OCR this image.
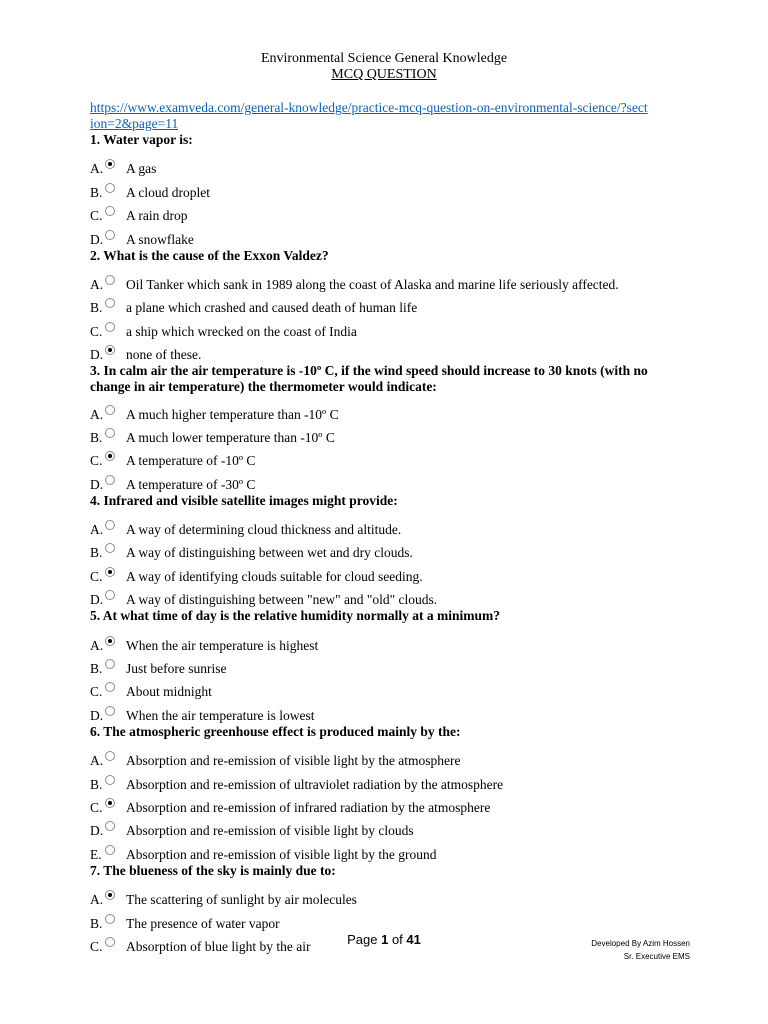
Environmental Science General Knowledge
MCQ QUESTION
https://www.examveda.com/general-knowledge/practice-mcq-question-on-environmental-science/?section=2&page=11
1. Water vapor is:
A. A gas
B. A cloud droplet
C. A rain drop
D. A snowflake
2. What is the cause of the Exxon Valdez?
A. Oil Tanker which sank in 1989 along the coast of Alaska and marine life seriously affected.
B. a plane which crashed and caused death of human life
C. a ship which wrecked on the coast of India
D. none of these.
3. In calm air the air temperature is -10º C, if the wind speed should increase to 30 knots (with no change in air temperature) the thermometer would indicate:
A. A much higher temperature than -10º C
B. A much lower temperature than -10º C
C. A temperature of -10º C
D. A temperature of -30º C
4. Infrared and visible satellite images might provide:
A. A way of determining cloud thickness and altitude.
B. A way of distinguishing between wet and dry clouds.
C. A way of identifying clouds suitable for cloud seeding.
D. A way of distinguishing between "new" and "old" clouds.
5. At what time of day is the relative humidity normally at a minimum?
A. When the air temperature is highest
B. Just before sunrise
C. About midnight
D. When the air temperature is lowest
6. The atmospheric greenhouse effect is produced mainly by the:
A. Absorption and re-emission of visible light by the atmosphere
B. Absorption and re-emission of ultraviolet radiation by the atmosphere
C. Absorption and re-emission of infrared radiation by the atmosphere
D. Absorption and re-emission of visible light by clouds
E. Absorption and re-emission of visible light by the ground
7. The blueness of the sky is mainly due to:
A. The scattering of sunlight by air molecules
B. The presence of water vapor
C. Absorption of blue light by the air	Page 1 of 41	Developed By Azim Hossen
Sr. Executive EMS
